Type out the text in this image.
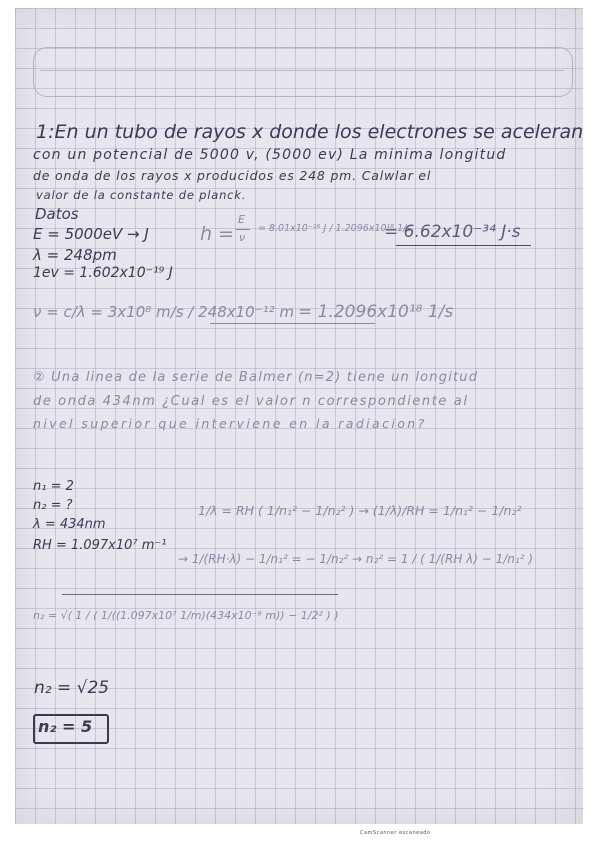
1:En un tubo de rayos x donde los electrones se aceleran
con un potencial de 5000 v, (5000 ev) La minima longitud
de onda de los rayos x producidos es 248 pm. Calwlar el
valor de la constante de planck.
Datos
E = 5000eV → J
λ = 248pm
1ev = 1.602x10⁻¹⁹ J
h =
E
ν
= 8.01x10⁻¹⁶ J / 1.2096x10¹⁸ 1/s
= 6.62x10⁻³⁴ J·s
ν = c/λ = 3x10⁸ m/s / 248x10⁻¹² m = 1.2096x10¹⁸ 1/s
② Una linea de la serie de Balmer (n=2) tiene un longitud
de onda 434nm ¿Cual es el valor n correspondiente al
nivel superior que interviene en la radiacion?
n₁ = 2
n₂ = ?
λ = 434nm
RH = 1.097x10⁷ m⁻¹
1/λ = RH ( 1/n₁² − 1/n₂² ) → (1/λ)/RH = 1/n₁² − 1/n₂²
→ 1/(RH·λ) − 1/n₁² = − 1/n₂² → n₂² = 1 / ( 1/(RH λ) − 1/n₁² )
n₂ = √( 1 / ( 1/((1.097x10⁷ 1/m)(434x10⁻⁹ m)) − 1/2² ) )
n₂ = √25
n₂ = 5
CamScanner escaneado
